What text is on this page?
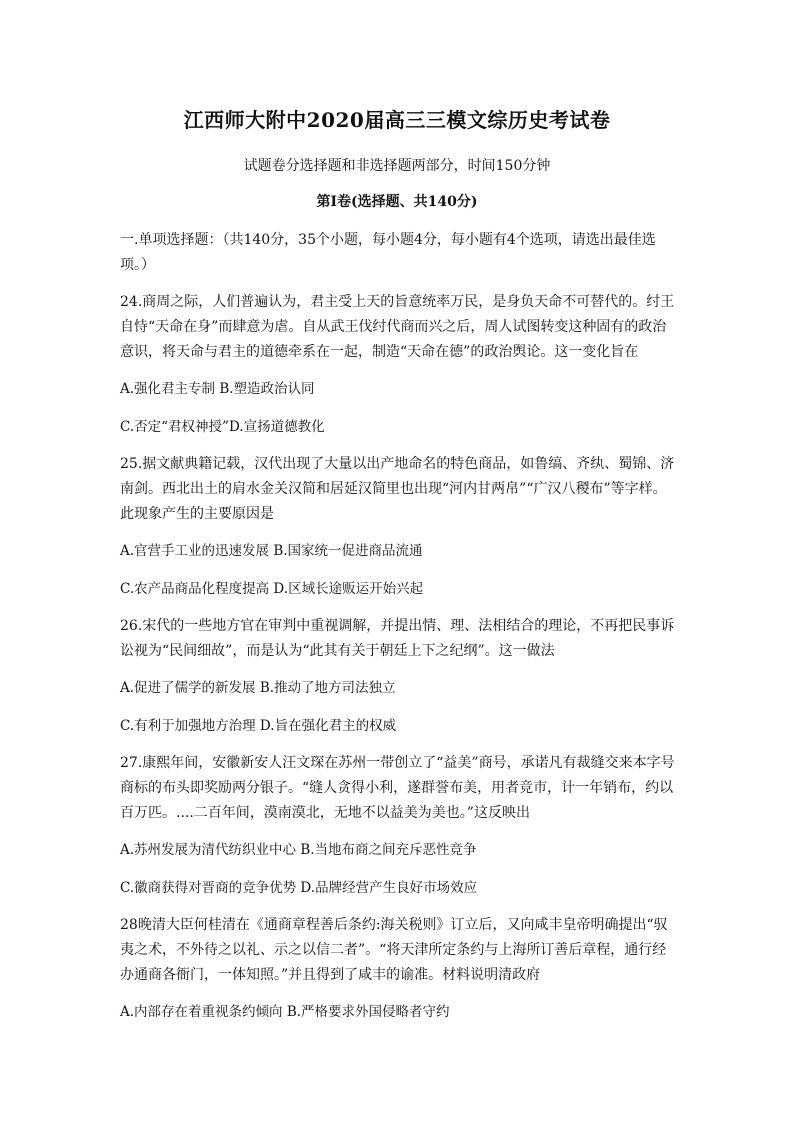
江西师大附中2020届高三三模文综历史考试卷
试题卷分选择题和非选择题两部分，时间150分钟
第Ⅰ卷(选择题、共140分)

一.单项选择题：（共140分，35个小题，每小题4分，每小题有4个选项，请选出最佳选项。）

24.商周之际，人们普遍认为，君主受上天的旨意统率万民，是身负天命不可替代的。纣王自恃“天命在身”而肆意为虐。自从武王伐纣代商而兴之后，周人试图转变这种固有的政治意识，将天命与君主的道德牵系在一起，制造“天命在德”的政治舆论。这一变化旨在

A.强化君主专制 B.塑造政治认同

C.否定“君权神授”D.宣扬道德教化

25.据文献典籍记载，汉代出现了大量以出产地命名的特色商品，如鲁缟、齐纨、蜀锦、济南剑。西北出土的肩水金关汉简和居延汉简里也出现“河内甘两帛”“广汉八稯布”等字样。此现象产生的主要原因是

A.官营手工业的迅速发展 B.国家统一促进商品流通

C.农产品商品化程度提高 D.区域长途贩运开始兴起

26.宋代的一些地方官在审判中重视调解，并提出情、理、法相结合的理论，不再把民事诉讼视为“民间细故”，而是认为“此其有关于朝廷上下之纪纲”。这一做法

A.促进了儒学的新发展 B.推动了地方司法独立

C.有利于加强地方治理 D.旨在强化君主的权威

27.康熙年间，安徽新安人汪文琛在苏州一带创立了“益美”商号，承诺凡有裁缝交来本字号商标的布头即奖励两分银子。“缝人贪得小利，遂群誉布美，用者竞市，计一年销布，约以百万匹。....二百年间，漠南漠北，无地不以益美为美也。”这反映出

A.苏州发展为清代纺织业中心 B.当地布商之间充斥恶性竞争

C.徽商获得对晋商的竞争优势 D.品牌经营产生良好市场效应

28晚清大臣何桂清在《通商章程善后条约:海关税则》订立后，又向咸丰皇帝明确提出“驭夷之术，不外待之以礼、示之以信二者”。“将天津所定条约与上海所订善后章程，通行经办通商各衙门，一体知照。”并且得到了咸丰的谕准。材料说明清政府

A.内部存在着重视条约倾向 B.严格要求外国侵略者守约
